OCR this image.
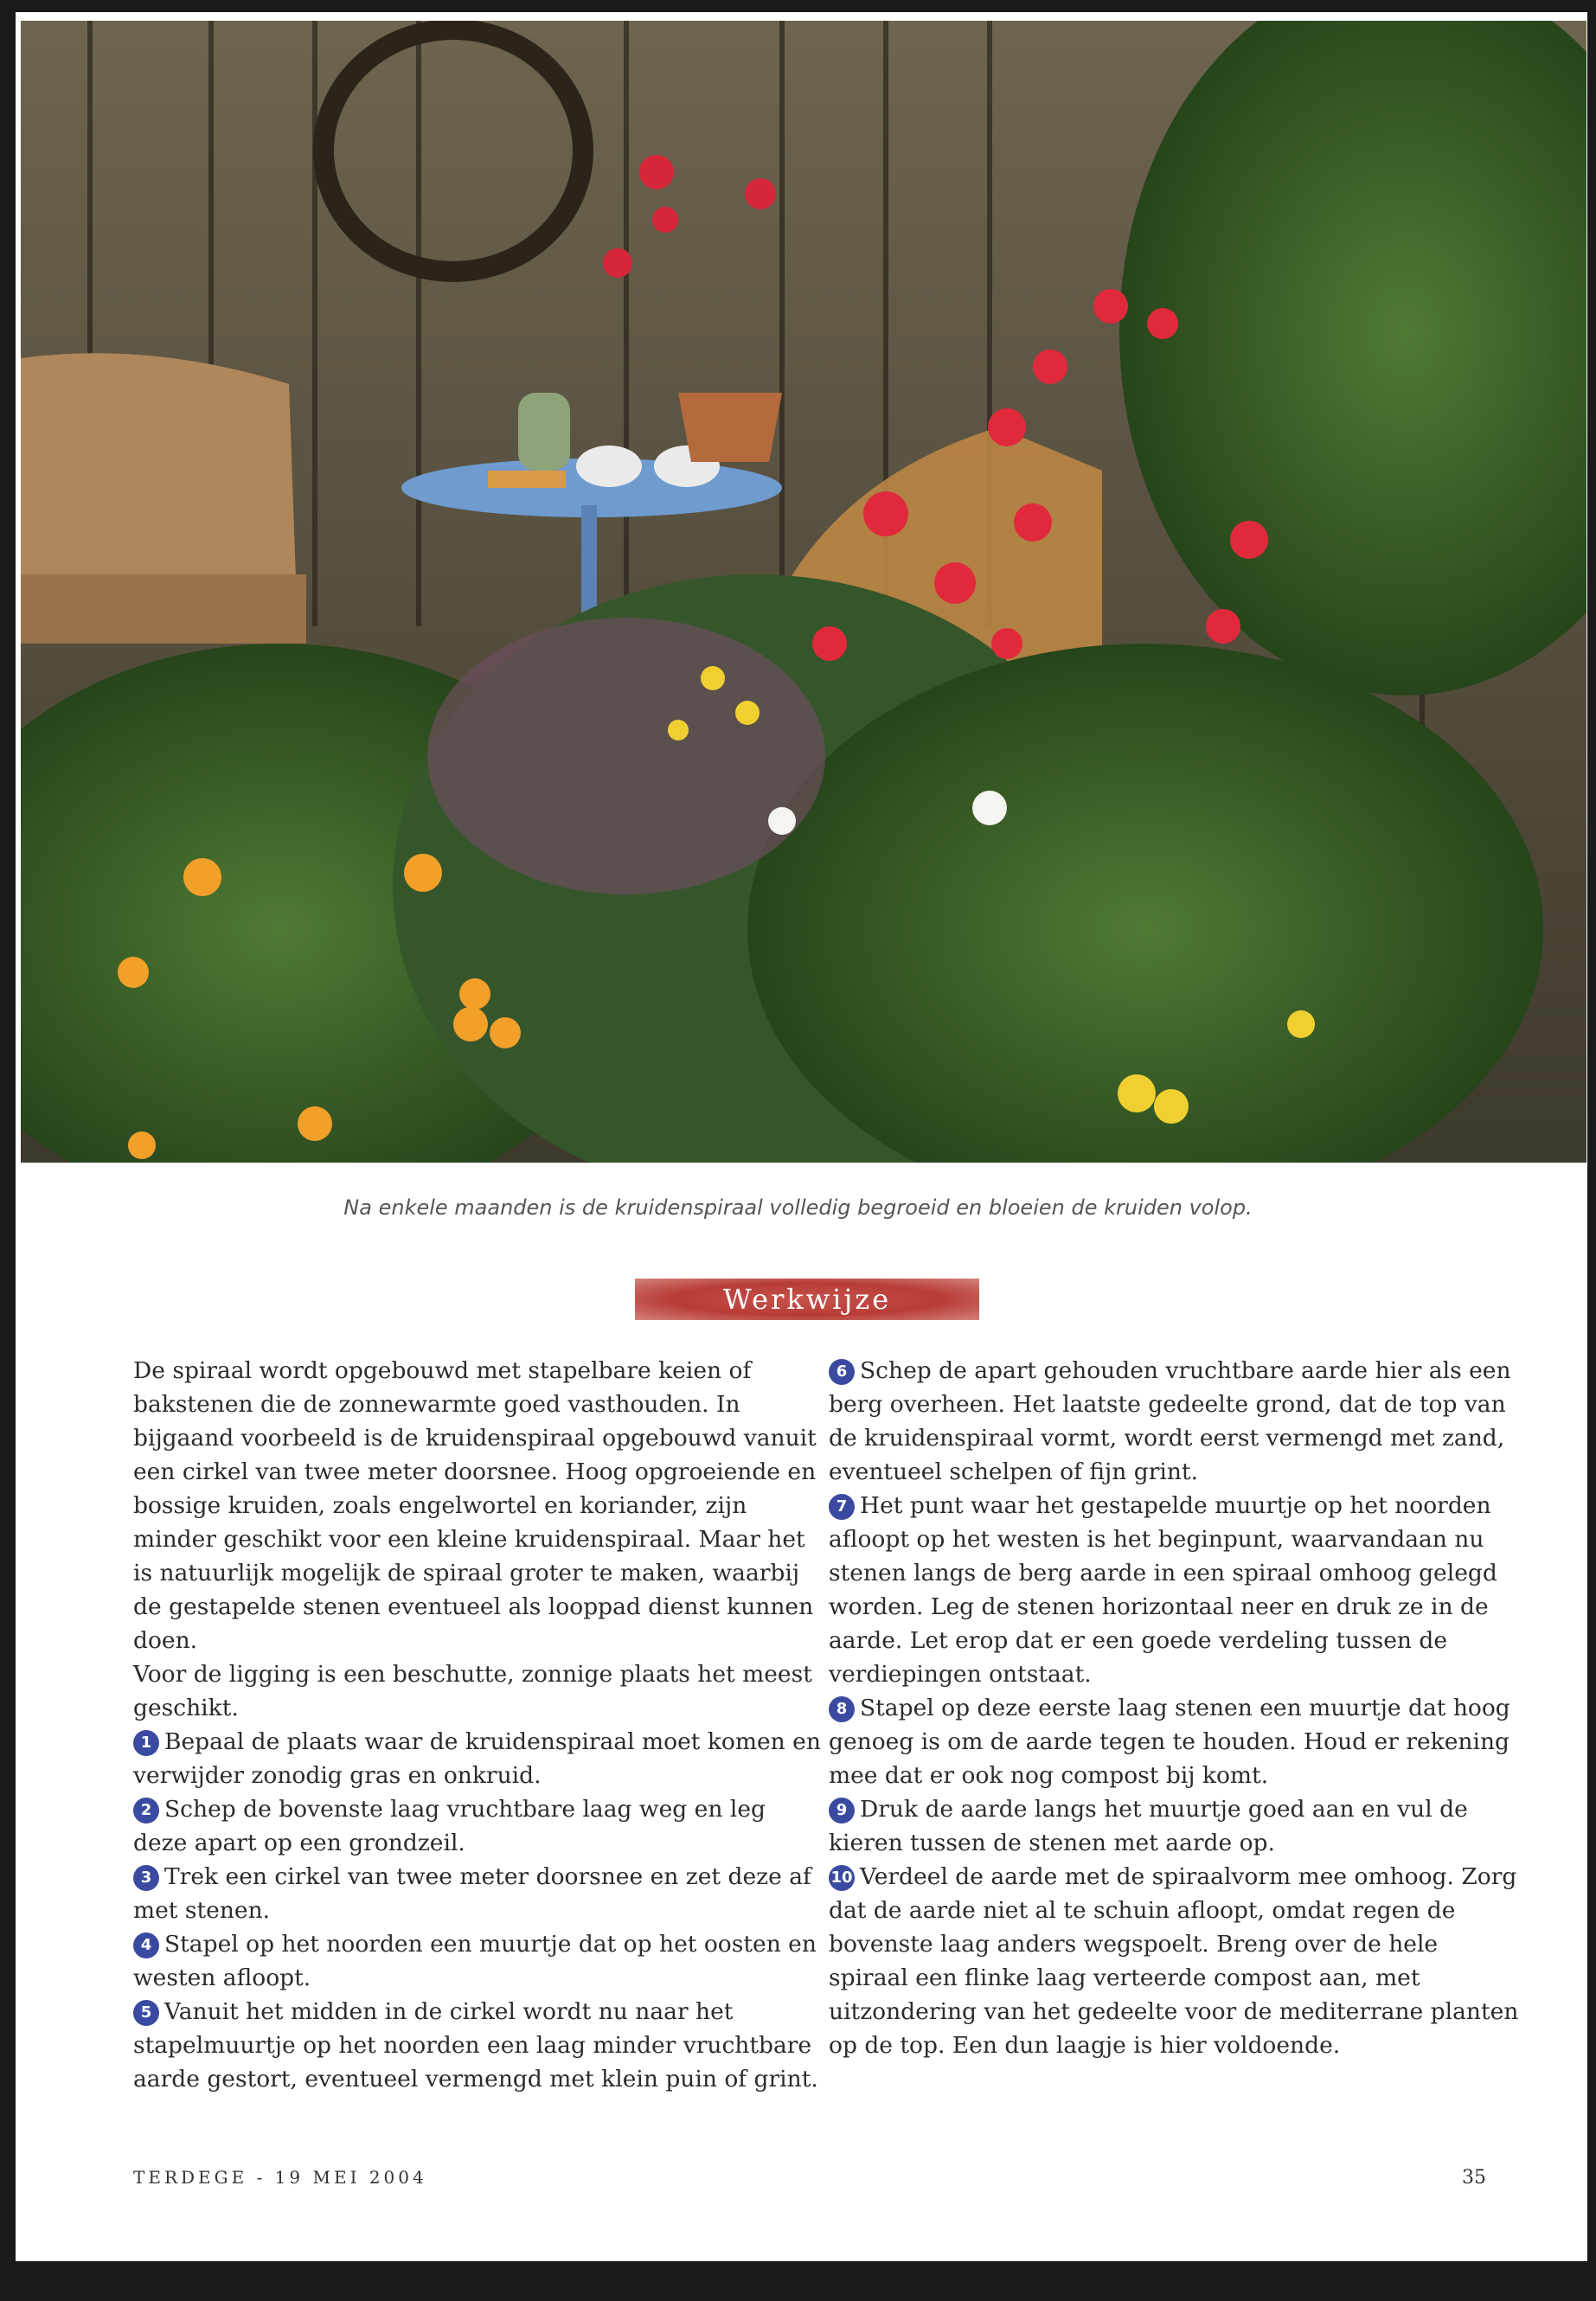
Na enkele maanden is de kruidenspiraal volledig begroeid en bloeien de kruiden volop.
Werkwijze

De spiraal wordt opgebouwd met stapelbare keien of bakstenen die de zonnewarmte goed vasthouden. In bijgaand voorbeeld is de kruidenspiraal opgebouwd vanuit een cirkel van twee meter doorsnee. Hoog opgroeiende en bossige kruiden, zoals engelwortel en koriander, zijn minder geschikt voor een kleine kruidenspiraal. Maar het is natuurlijk mogelijk de spiraal groter te maken, waarbij de gestapelde stenen eventueel als looppad dienst kunnen doen.

Voor de ligging is een beschutte, zonnige plaats het meest geschikt.

1 Bepaal de plaats waar de kruidenspiraal moet komen en verwijder zonodig gras en onkruid.

2 Schep de bovenste laag vruchtbare laag weg en leg deze apart op een grondzeil.

3 Trek een cirkel van twee meter doorsnee en zet deze af met stenen.

4 Stapel op het noorden een muurtje dat op het oosten en westen afloopt.

5 Vanuit het midden in de cirkel wordt nu naar het stapelmuurtje op het noorden een laag minder vruchtbare aarde gestort, eventueel vermengd met klein puin of grint.

6 Schep de apart gehouden vruchtbare aarde hier als een berg overheen. Het laatste gedeelte grond, dat de top van de kruidenspiraal vormt, wordt eerst vermengd met zand, eventueel schelpen of fijn grint.

7 Het punt waar het gestapelde muurtje op het noorden afloopt op het westen is het beginpunt, waarvandaan nu stenen langs de berg aarde in een spiraal omhoog gelegd worden. Leg de stenen horizontaal neer en druk ze in de aarde. Let erop dat er een goede verdeling tussen de verdiepingen ontstaat.

8 Stapel op deze eerste laag stenen een muurtje dat hoog genoeg is om de aarde tegen te houden. Houd er rekening mee dat er ook nog compost bij komt.

9 Druk de aarde langs het muurtje goed aan en vul de kieren tussen de stenen met aarde op.

10 Verdeel de aarde met de spiraalvorm mee omhoog. Zorg dat de aarde niet al te schuin afloopt, omdat regen de bovenste laag anders wegspoelt. Breng over de hele spiraal een flinke laag verteerde compost aan, met uitzondering van het gedeelte voor de mediterrane planten op de top. Een dun laagje is hier voldoende.

TERDEGE - 19 MEI 2004	35
